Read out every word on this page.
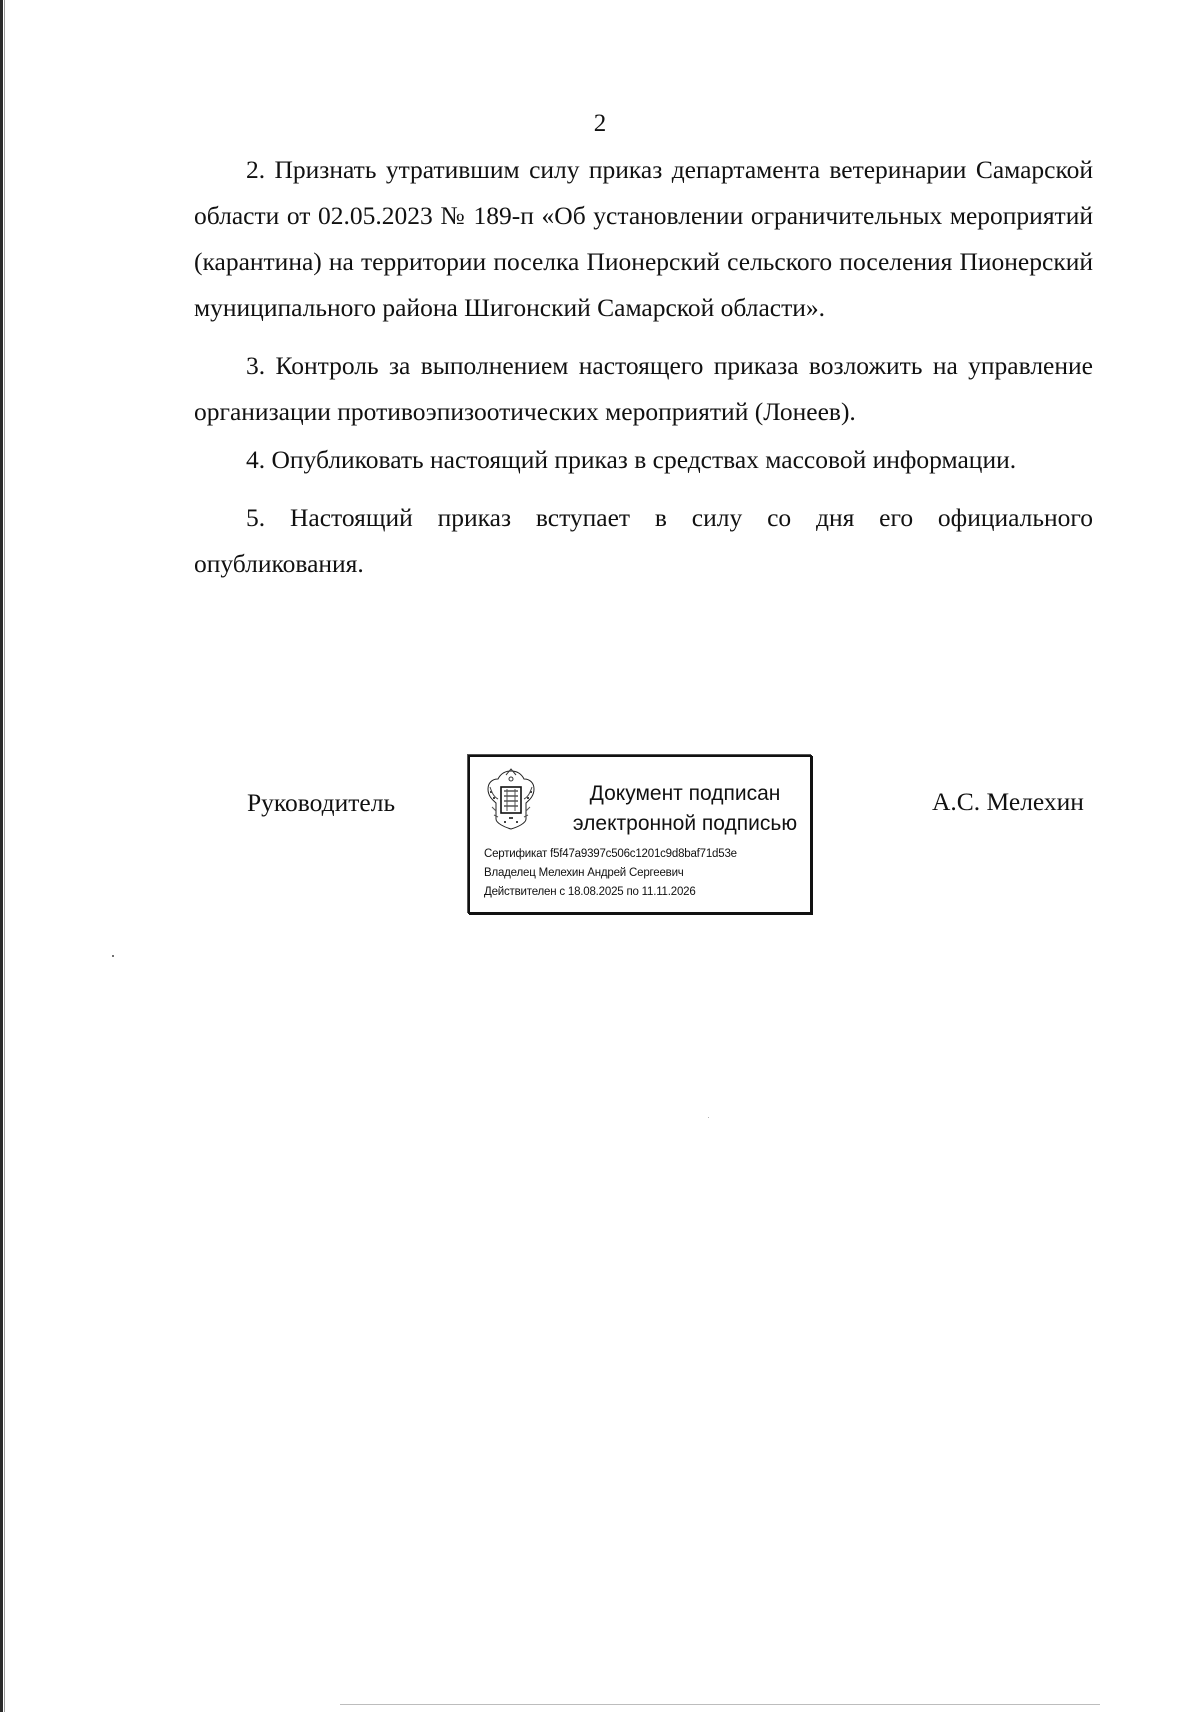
2

2. Признать утратившим силу приказ департамента ветеринарии Самарской области от 02.05.2023 № 189-п «Об установлении ограничительных мероприятий (карантина) на территории поселка Пионерский сельского поселения Пионерский муниципального района Шигонский Самарской области».

3. Контроль за выполнением настоящего приказа возложить на управление организации противоэпизоотических мероприятий (Лонеев).

4. Опубликовать настоящий приказ в средствах массовой информации.

5. Настоящий приказ вступает в силу со дня его официального опубликования.

Руководитель	Документ подписан
электронной подписью
Сертификат f5f47a9397c506c1201c9d8baf71d53e
Владелец Мелехин Андрей Сергеевич
Действителен с 18.08.2025 по 11.11.2026
А.С. Мелехин
